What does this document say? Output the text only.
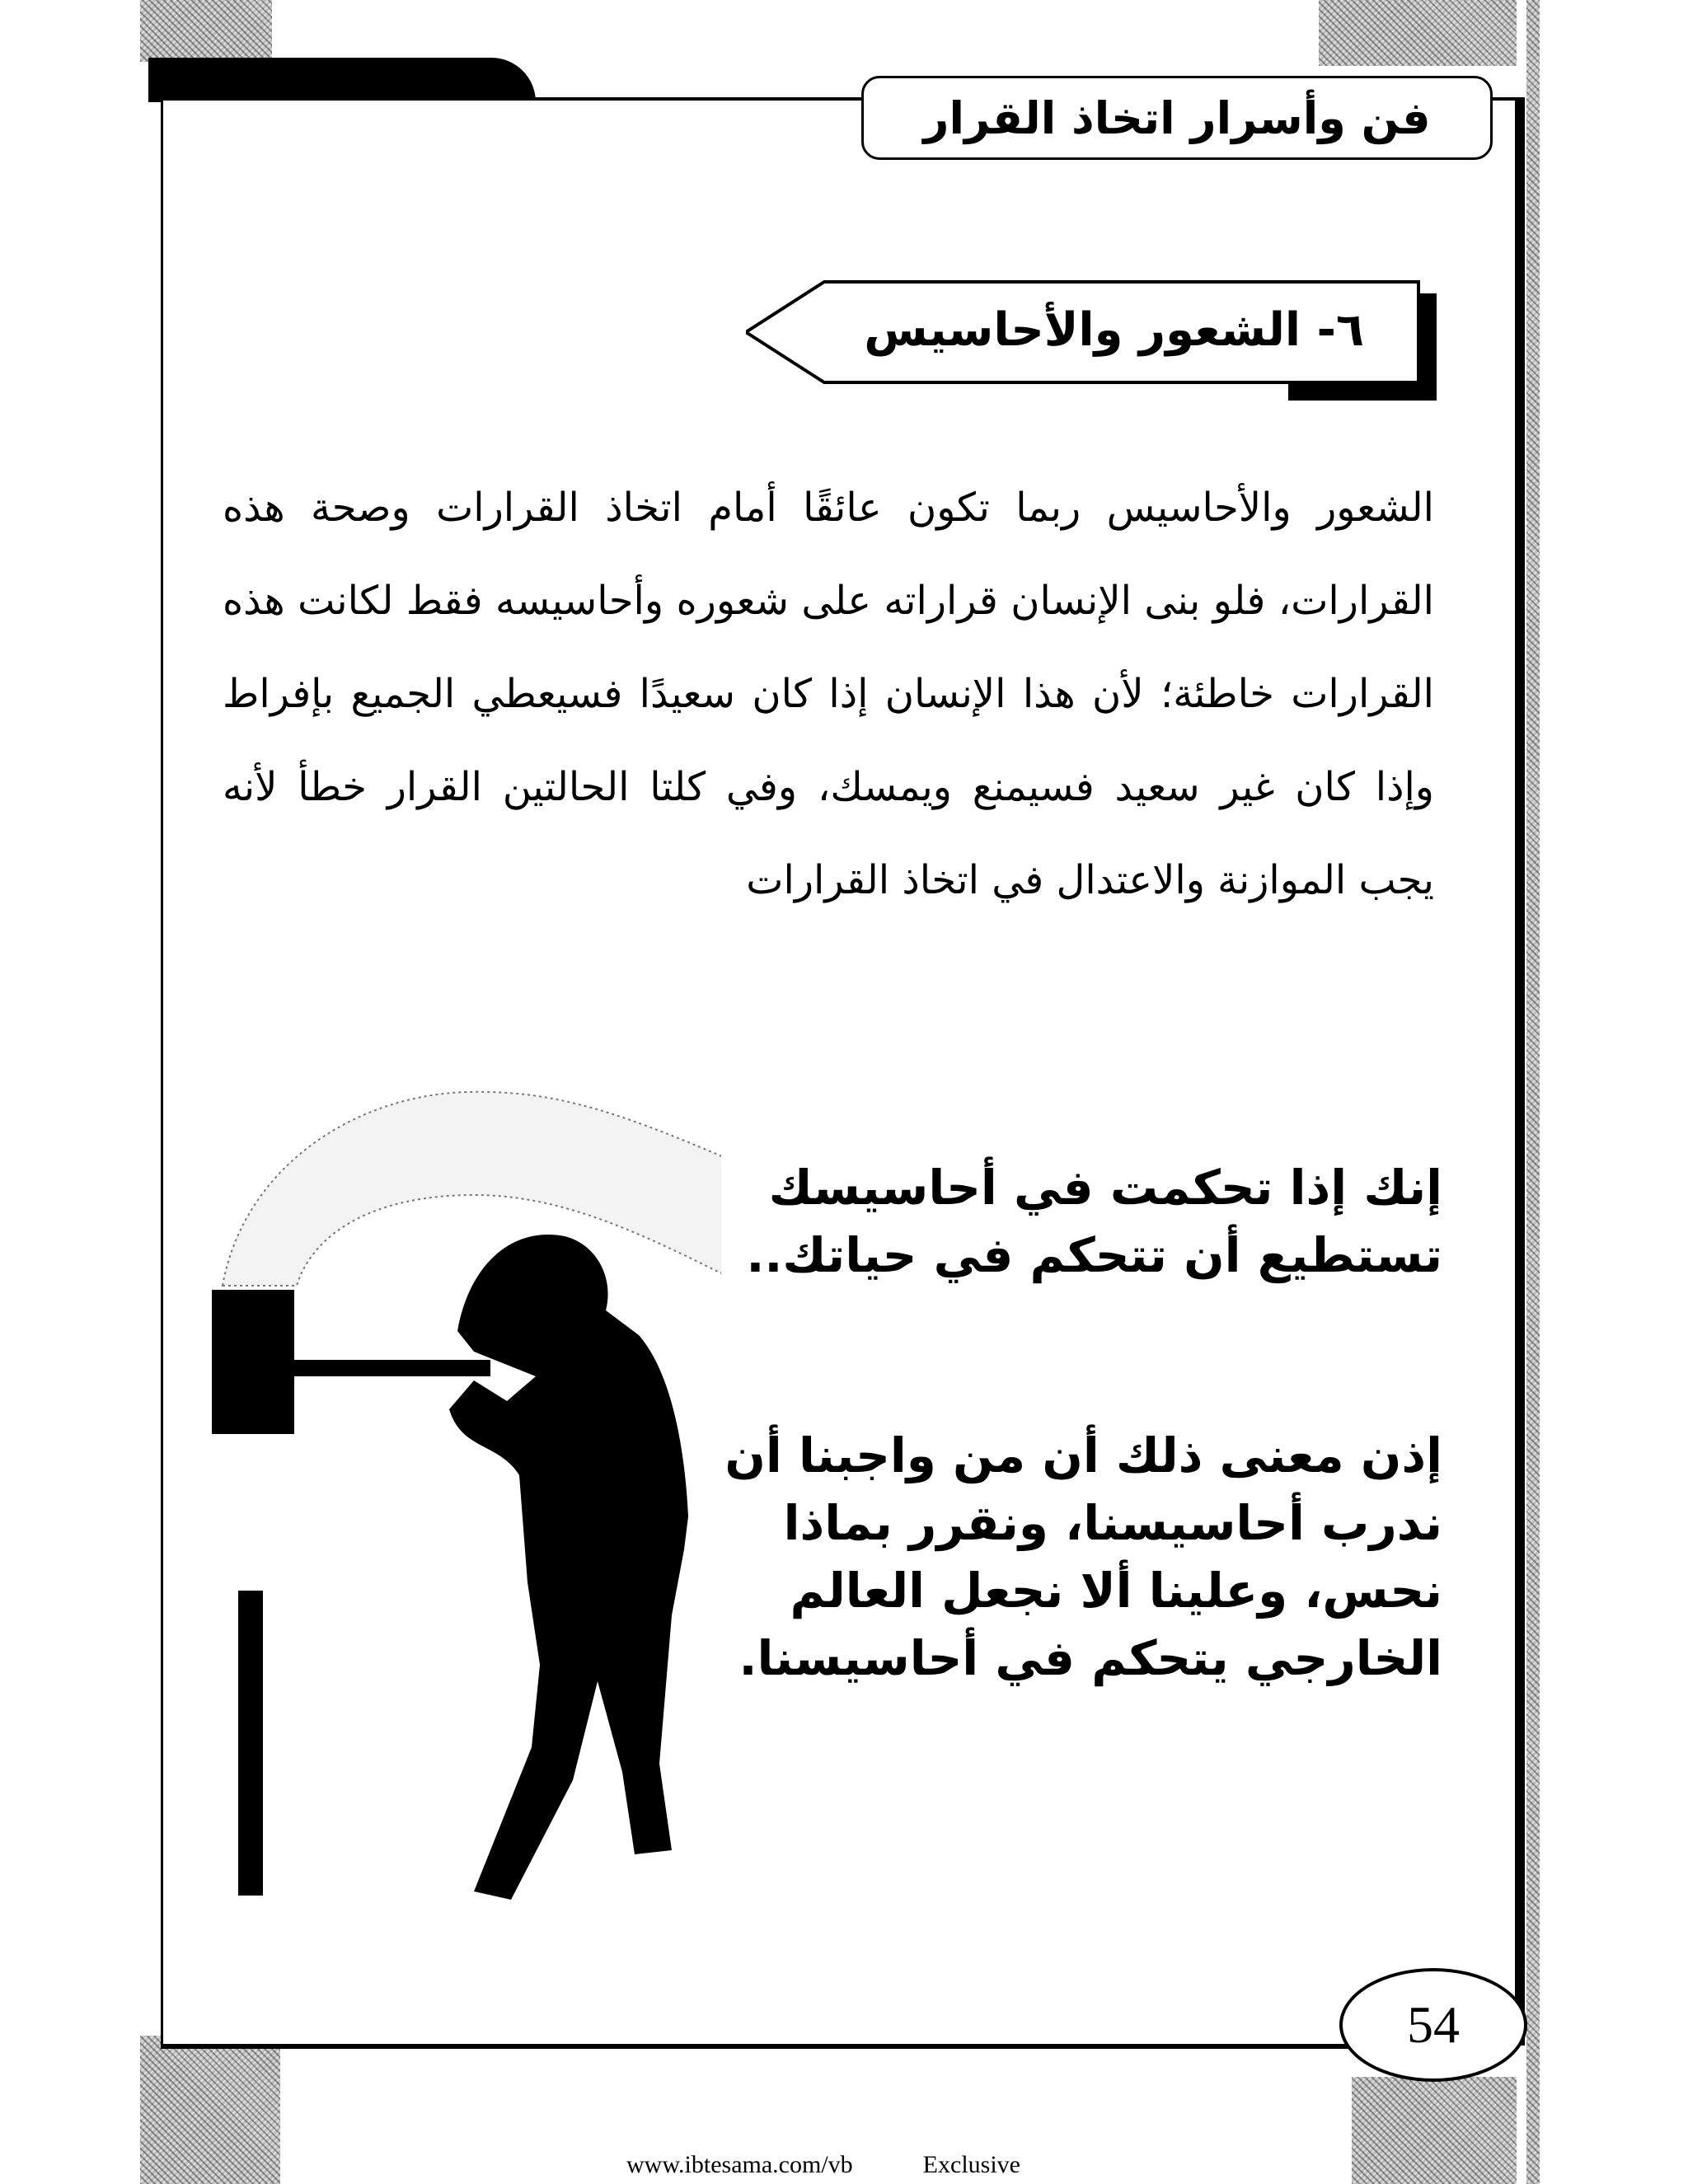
فن وأسرار اتخاذ القرار
٦- الشعور والأحاسيس
الشعور والأحاسيس ربما تكون عائقًا أمام اتخاذ القرارات وصحة هذه القرارات، فلو بنى الإنسان قراراته على شعوره وأحاسيسه فقط لكانت هذه القرارات خاطئة؛ لأن هذا الإنسان إذا كان سعيدًا فسيعطي الجميع بإفراط وإذا كان غير سعيد فسيمنع ويمسك، وفي كلتا الحالتين القرار خطأ لأنه يجب الموازنة والاعتدال في اتخاذ القرارات
إنك إذا تحكمت في أحاسيسك تستطيع أن تتحكم في حياتك..
إذن معنى ذلك أن من واجبنا أن ندرب أحاسيسنا، ونقرر بماذا نحس، وعلينا ألا نجعل العالم الخارجي يتحكم في أحاسيسنا.
54
www.ibtesama.com/vb	Exclusive
